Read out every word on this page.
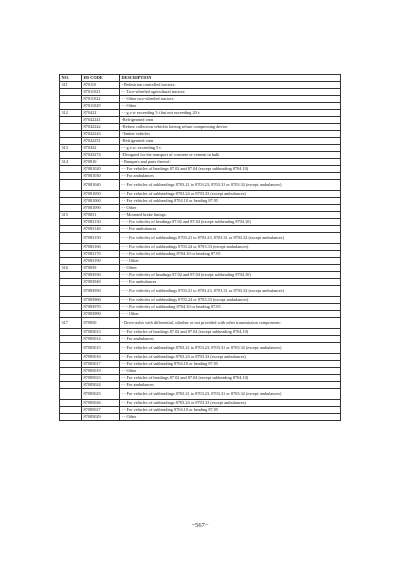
NO.	HS CODE	DESCRIPTION
311	870110	- Pedestrian controlled tractors:
	87011021	- - Two-wheeled agricultural tractors
	87011022	- - Other two-wheeled tractors
	87011029	- - Other
312	870422	- - g.v.w exceeding 5 t but not exceeding 20 t:
	87042241	-Refrigerated vans
	87042242	-Refuse collection vehicles having refuse compressing device
	87042243	-Tanker vehicles
	87042251	-Refrigerated vans
313	870432	- - g.v.w. exceeding 5 t:
	87043274	-Designed for the transport of concrete or cement in bulk
314	870810	- Bumpers and parts thereof:
	87081020	- - For vehicles of headings 87.02 and 87.04 (except subheading 8704.10)
	87081030	- - For ambulances
	87081040	- - For vehicles of subheadings 8703.21 to 8703.23, 8703.31 or 8703.32 (except ambulances)
	87081050	- - For vehicles of subheadings 8703.24 or 8703.33 (except ambulances)
	87081060	- - For vehicles of subheading 8704.10 or heading 87.05
	87081090	- - Other
315	870831	- - Mounted brake linings:
	87083130	- - - For vehicles of headings 87.02 and 87.04 (except subheading 8704.10)
	87083140	- - - For ambulances
	87083150	- - - For vehicles of subheadings 8703.21 to 8703.23, 8703.31 or 8703.32 (except ambulances)
	87083160	- - - For vehicles of subheadings 8703.24 or 8703.33 (except ambulances)
	87083170	- - - For vehicles of subheading 8704.10 or heading 87.05
	87083190	- - - Other
316	870839	- - Other:
	87083930	- - - For vehicles of headings 87.02 and 87.04 (except subheading 8704.10)
	87083940	- - - For ambulances
	87083950	- - - For vehicles of subheadings 8703.21 to 8703.23, 8703.31 or 8703.32 (except ambulances)
	87083960	- - - For vehicles of subheadings 8703.24 or 8703.33 (except ambulances)
	87083970	- - - For vehicles of subheading 8704.10 or heading 87.05
	87083990	- - - Other
317	870850	- Drive-axles with differential, whether or not provided with other transmission components:
	87085013	- - For vehicles of headings 87.02 and 87.04 (except subheading 8704.10)
	87085014	- - For ambulances
	87085015	- - For vehicles of subheadings 8703.21 to 8703.23, 8703.31 or 8703.32 (except ambulances)
	87085016	- - For vehicles of subheadings 8703.24 or 8703.33 (except ambulances)
	87085017	- - For vehicles of subheading 8704.10 or heading 87.05
	87085019	- - Other
	87085023	- - For vehicles of headings 87.02 and 87.04 (except subheading 8704.10)
	87085024	- - For ambulances
	87085025	- - For vehicles of subheadings 8703.21 to 8703.23, 8703.31 or 8703.32 (except ambulances)
	87085026	- - For vehicles of subheadings 8703.24 or 8703.33 (except ambulances)
	87085027	- - For vehicles of subheading 8704.10 or heading 87.05
	87085029	- - Other
−567−
